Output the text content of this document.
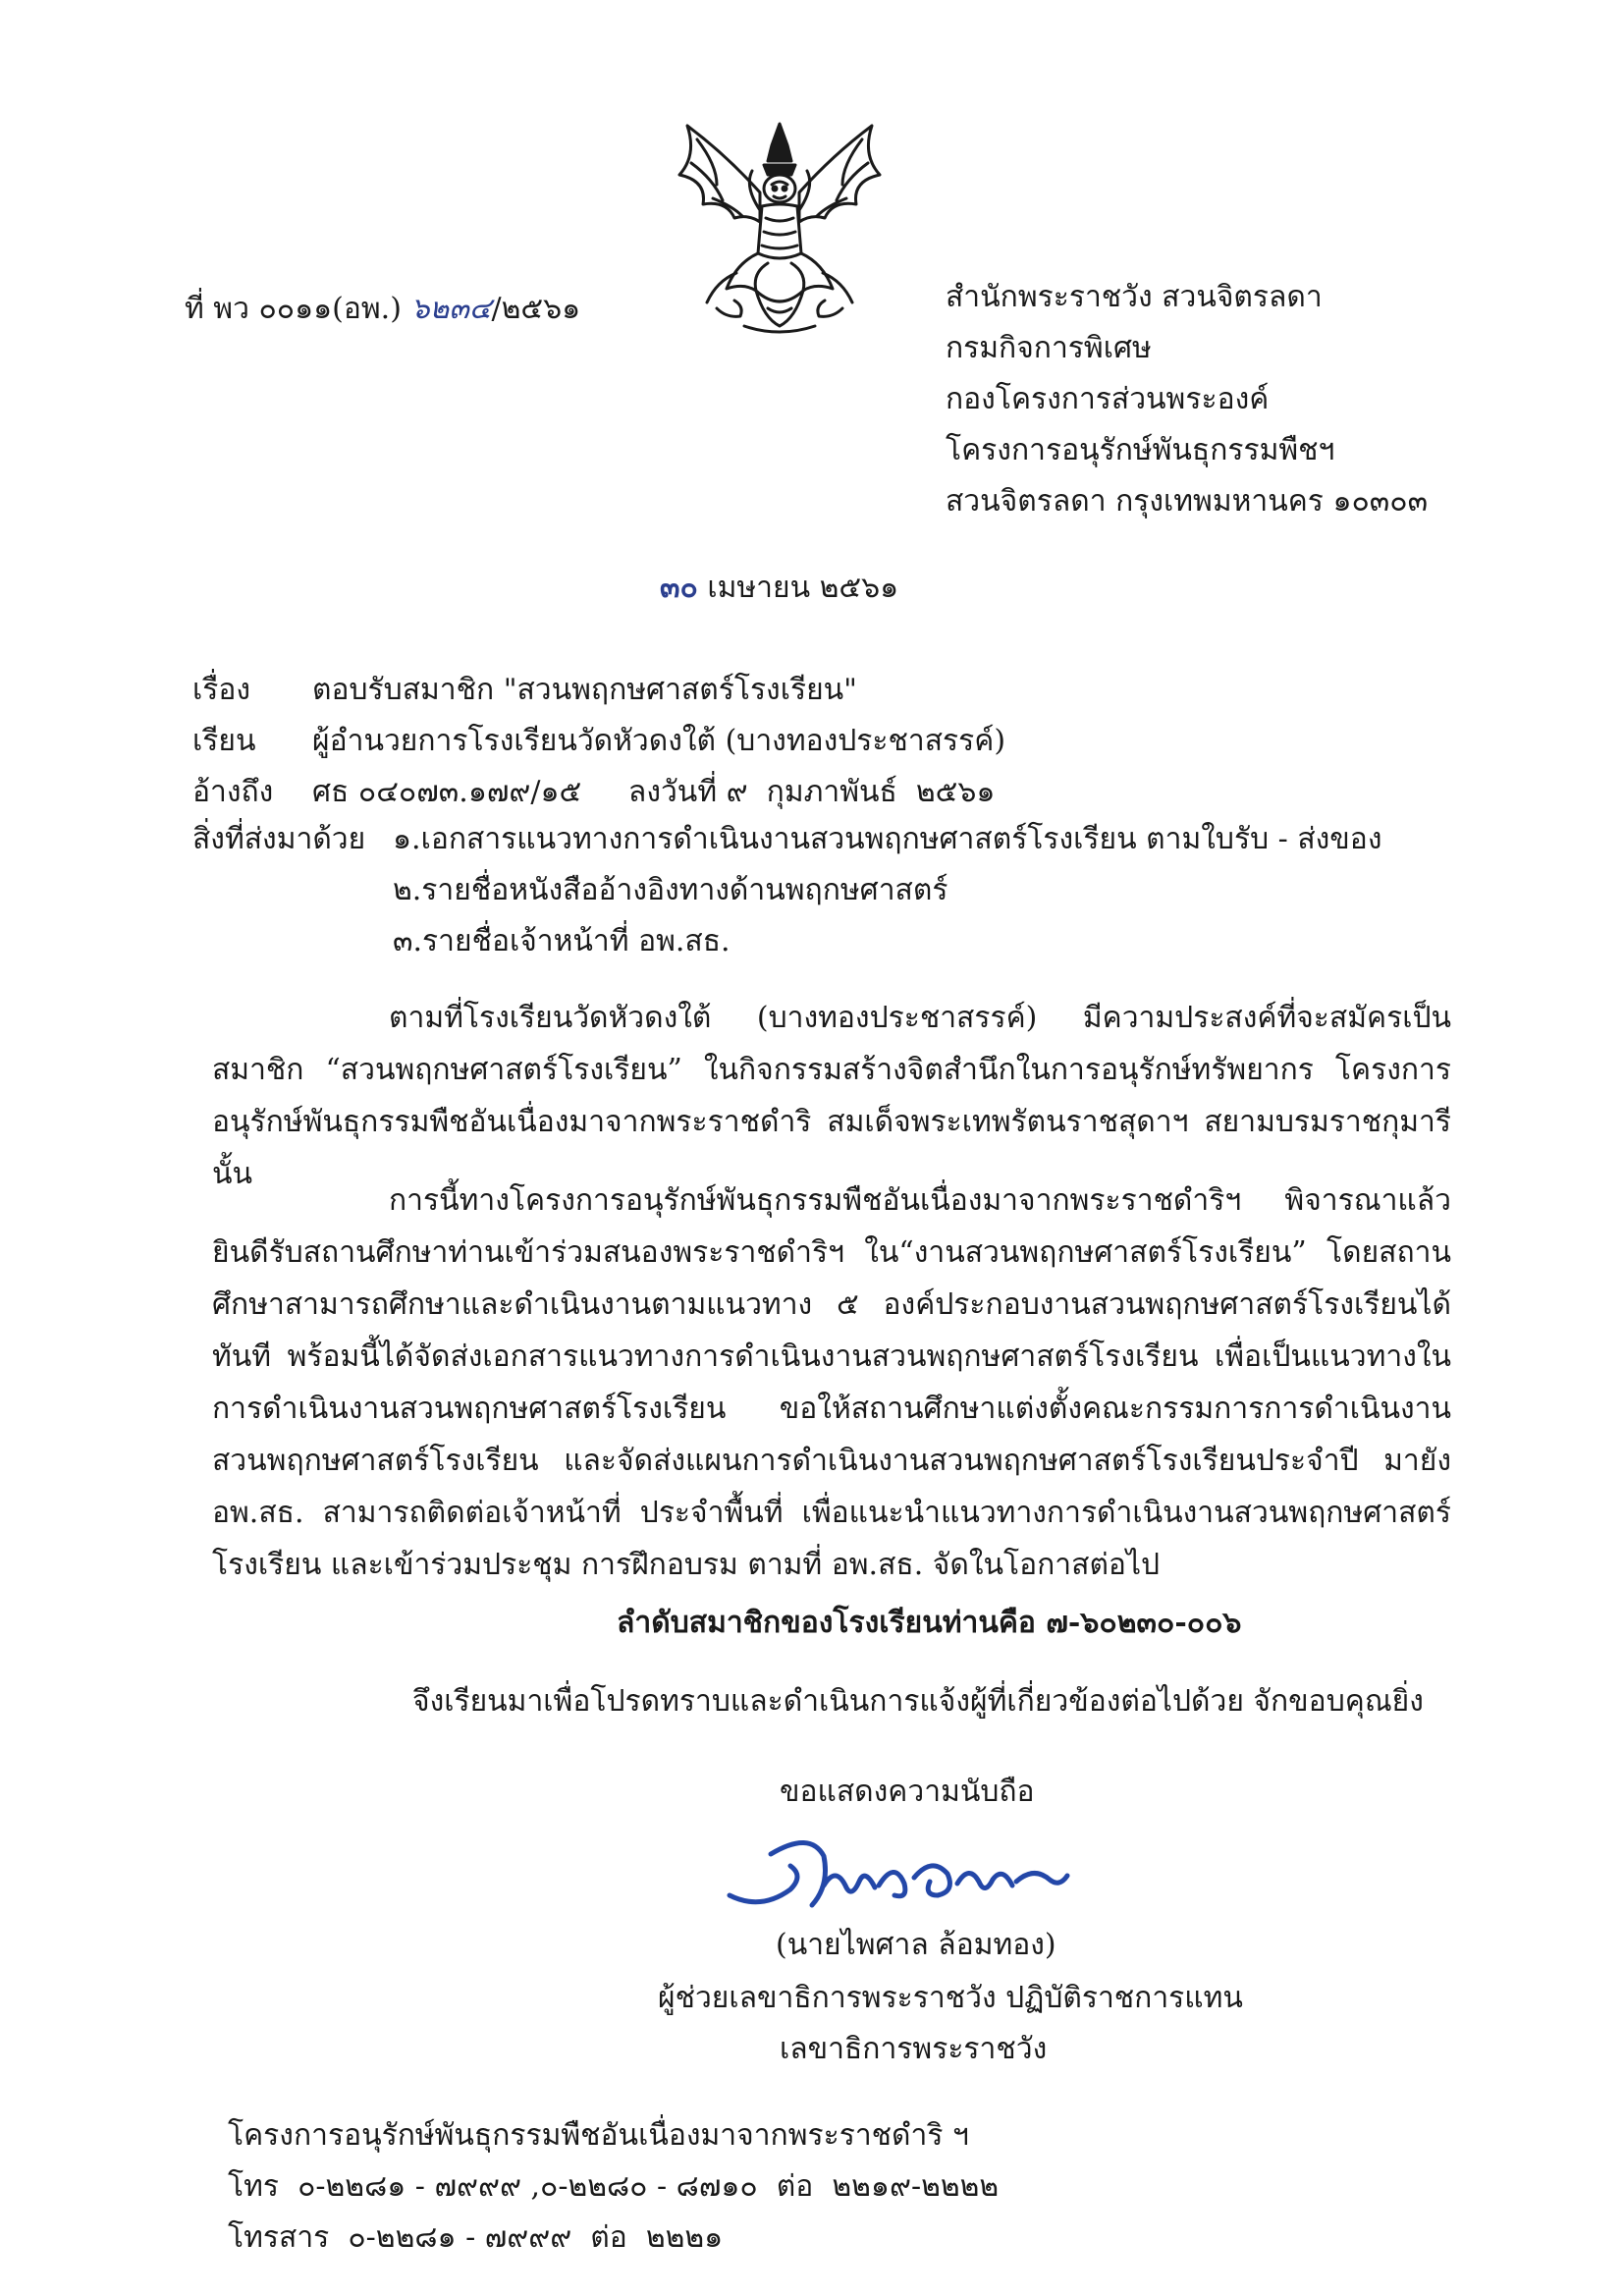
ที่ พว ๐๐๑๑(อพ.) ๖๒๓๔/๒๕๖๑	สำนักพระราชวัง สวนจิตรลดา
กรมกิจการพิเศษ
กองโครงการส่วนพระองค์
โครงการอนุรักษ์พันธุกรรมพืชฯ
สวนจิตรลดา กรุงเทพมหานคร ๑๐๓๐๓
๓๐ เมษายน ๒๕๖๑
เรื่อง ตอบรับสมาชิก "สวนพฤกษศาสตร์โรงเรียน"
เรียน ผู้อำนวยการโรงเรียนวัดหัวดงใต้ (บางทองประชาสรรค์)
อ้างถึง ศธ ๐๔๐๗๓.๑๗๙/๑๕     ลงวันที่ ๙  กุมภาพันธ์  ๒๕๖๑
สิ่งที่ส่งมาด้วย ๑.เอกสารแนวทางการดำเนินงานสวนพฤกษศาสตร์โรงเรียน ตามใบรับ - ส่งของ
๒.รายชื่อหนังสืออ้างอิงทางด้านพฤกษศาสตร์
๓.รายชื่อเจ้าหน้าที่ อพ.สธ.

ตามที่โรงเรียนวัดหัวดงใต้ (บางทองประชาสรรค์) มีความประสงค์ที่จะสมัครเป็นสมาชิก “สวนพฤกษศาสตร์โรงเรียน” ในกิจกรรมสร้างจิตสำนึกในการอนุรักษ์ทรัพยากร โครงการอนุรักษ์พันธุกรรมพืชอันเนื่องมาจากพระราชดำริ สมเด็จพระเทพรัตนราชสุดาฯ สยามบรมราชกุมารี นั้น

การนี้ทางโครงการอนุรักษ์พันธุกรรมพืชอันเนื่องมาจากพระราชดำริฯ พิจารณาแล้ว ยินดีรับสถานศึกษาท่านเข้าร่วมสนองพระราชดำริฯ ใน“งานสวนพฤกษศาสตร์โรงเรียน” โดยสถานศึกษาสามารถศึกษาและดำเนินงานตามแนวทาง ๕ องค์ประกอบงานสวนพฤกษศาสตร์โรงเรียนได้ทันที พร้อมนี้ได้จัดส่งเอกสารแนวทางการดำเนินงานสวนพฤกษศาสตร์โรงเรียน เพื่อเป็นแนวทางในการดำเนินงานสวนพฤกษศาสตร์โรงเรียน ขอให้สถานศึกษาแต่งตั้งคณะกรรมการการดำเนินงานสวนพฤกษศาสตร์โรงเรียน และจัดส่งแผนการดำเนินงานสวนพฤกษศาสตร์โรงเรียนประจำปี มายัง อพ.สธ. สามารถติดต่อเจ้าหน้าที่ ประจำพื้นที่ เพื่อแนะนำแนวทางการดำเนินงานสวนพฤกษศาสตร์โรงเรียน และเข้าร่วมประชุม การฝึกอบรม ตามที่ อพ.สธ. จัดในโอกาสต่อไป

ลำดับสมาชิกของโรงเรียนท่านคือ ๗-๖๐๒๓๐-๐๐๖
จึงเรียนมาเพื่อโปรดทราบและดำเนินการแจ้งผู้ที่เกี่ยวข้องต่อไปด้วย จักขอบคุณยิ่ง
ขอแสดงความนับถือ
(นายไพศาล ล้อมทอง)
ผู้ช่วยเลขาธิการพระราชวัง ปฏิบัติราชการแทน
เลขาธิการพระราชวัง
โครงการอนุรักษ์พันธุกรรมพืชอันเนื่องมาจากพระราชดำริ ฯ
โทร  ๐-๒๒๘๑ - ๗๙๙๙ ,๐-๒๒๘๐ - ๘๗๑๐  ต่อ  ๒๒๑๙-๒๒๒๒
โทรสาร  ๐-๒๒๘๑ - ๗๙๙๙  ต่อ  ๒๒๒๑
